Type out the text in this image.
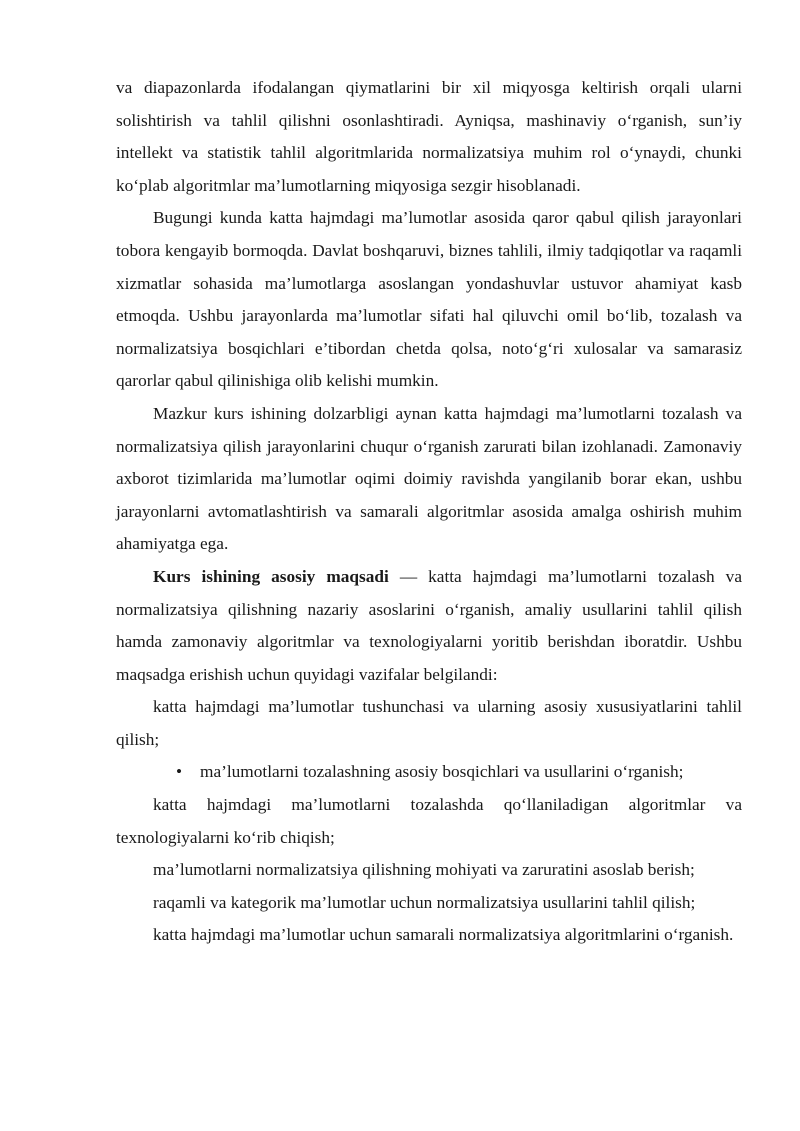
va diapazonlarda ifodalangan qiymatlarini bir xil miqyosga keltirish orqali ularni solishtirish va tahlil qilishni osonlashtiradi. Ayniqsa, mashinaviy o‘rganish, sun’iy intellekt va statistik tahlil algoritmlarida normalizatsiya muhim rol o‘ynaydi, chunki ko‘plab algoritmlar ma’lumotlarning miqyosiga sezgir hisoblanadi.

Bugungi kunda katta hajmdagi ma’lumotlar asosida qaror qabul qilish jarayonlari tobora kengayib bormoqda. Davlat boshqaruvi, biznes tahlili, ilmiy tadqiqotlar va raqamli xizmatlar sohasida ma’lumotlarga asoslangan yondashuvlar ustuvor ahamiyat kasb etmoqda. Ushbu jarayonlarda ma’lumotlar sifati hal qiluvchi omil bo‘lib, tozalash va normalizatsiya bosqichlari e’tibordan chetda qolsa, noto‘g‘ri xulosalar va samarasiz qarorlar qabul qilinishiga olib kelishi mumkin.

Mazkur kurs ishining dolzarbligi aynan katta hajmdagi ma’lumotlarni tozalash va normalizatsiya qilish jarayonlarini chuqur o‘rganish zarurati bilan izohlanadi. Zamonaviy axborot tizimlarida ma’lumotlar oqimi doimiy ravishda yangilanib borar ekan, ushbu jarayonlarni avtomatlashtirish va samarali algoritmlar asosida amalga oshirish muhim ahamiyatga ega.

Kurs ishining asosiy maqsadi — katta hajmdagi ma’lumotlarni tozalash va normalizatsiya qilishning nazariy asoslarini o‘rganish, amaliy usullarini tahlil qilish hamda zamonaviy algoritmlar va texnologiyalarni yoritib berishdan iboratdir. Ushbu maqsadga erishish uchun quyidagi vazifalar belgilandi:

katta hajmdagi ma’lumotlar tushunchasi va ularning asosiy xususiyatlarini tahlil qilish;

• ma’lumotlarni tozalashning asosiy bosqichlari va usullarini o‘rganish;

katta hajmdagi ma’lumotlarni tozalashda qo‘llaniladigan algoritmlar va texnologiyalarni ko‘rib chiqish;

ma’lumotlarni normalizatsiya qilishning mohiyati va zaruratini asoslab berish;

raqamli va kategorik ma’lumotlar uchun normalizatsiya usullarini tahlil qilish;

katta hajmdagi ma’lumotlar uchun samarali normalizatsiya algoritmlarini o‘rganish.
